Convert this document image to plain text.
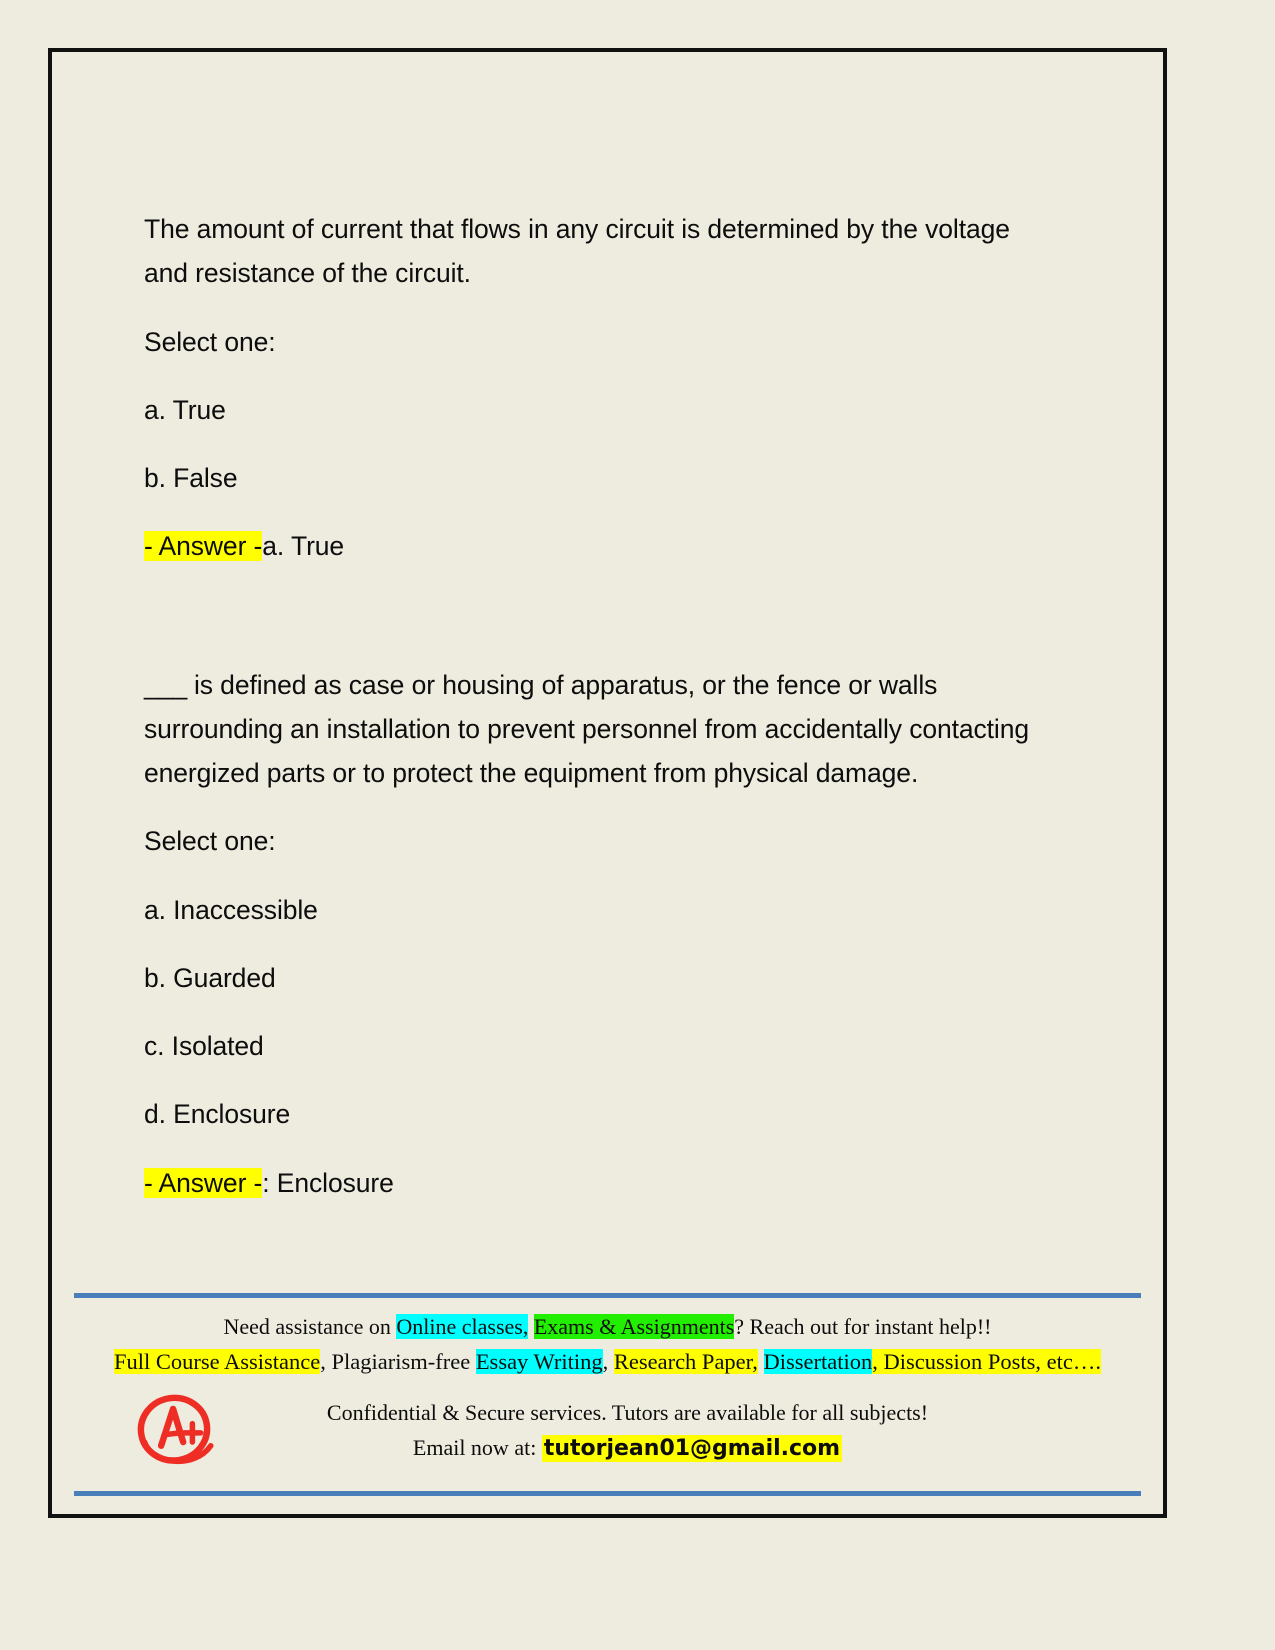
The amount of current that flows in any circuit is determined by the voltage and resistance of the circuit.

Select one:

a. True

b. False

- Answer -a. True

___ is defined as case or housing of apparatus, or the fence or walls surrounding an installation to prevent personnel from accidentally contacting energized parts or to protect the equipment from physical damage.

Select one:

a. Inaccessible

b. Guarded

c. Isolated

d. Enclosure

- Answer -: Enclosure

Need assistance on Online classes, Exams & Assignments? Reach out for instant help!!
Full Course Assistance, Plagiarism-free Essay Writing, Research Paper, Dissertation, Discussion Posts, etc….
Confidential & Secure services. Tutors are available for all subjects!
Email now at: tutorjean01@gmail.com
